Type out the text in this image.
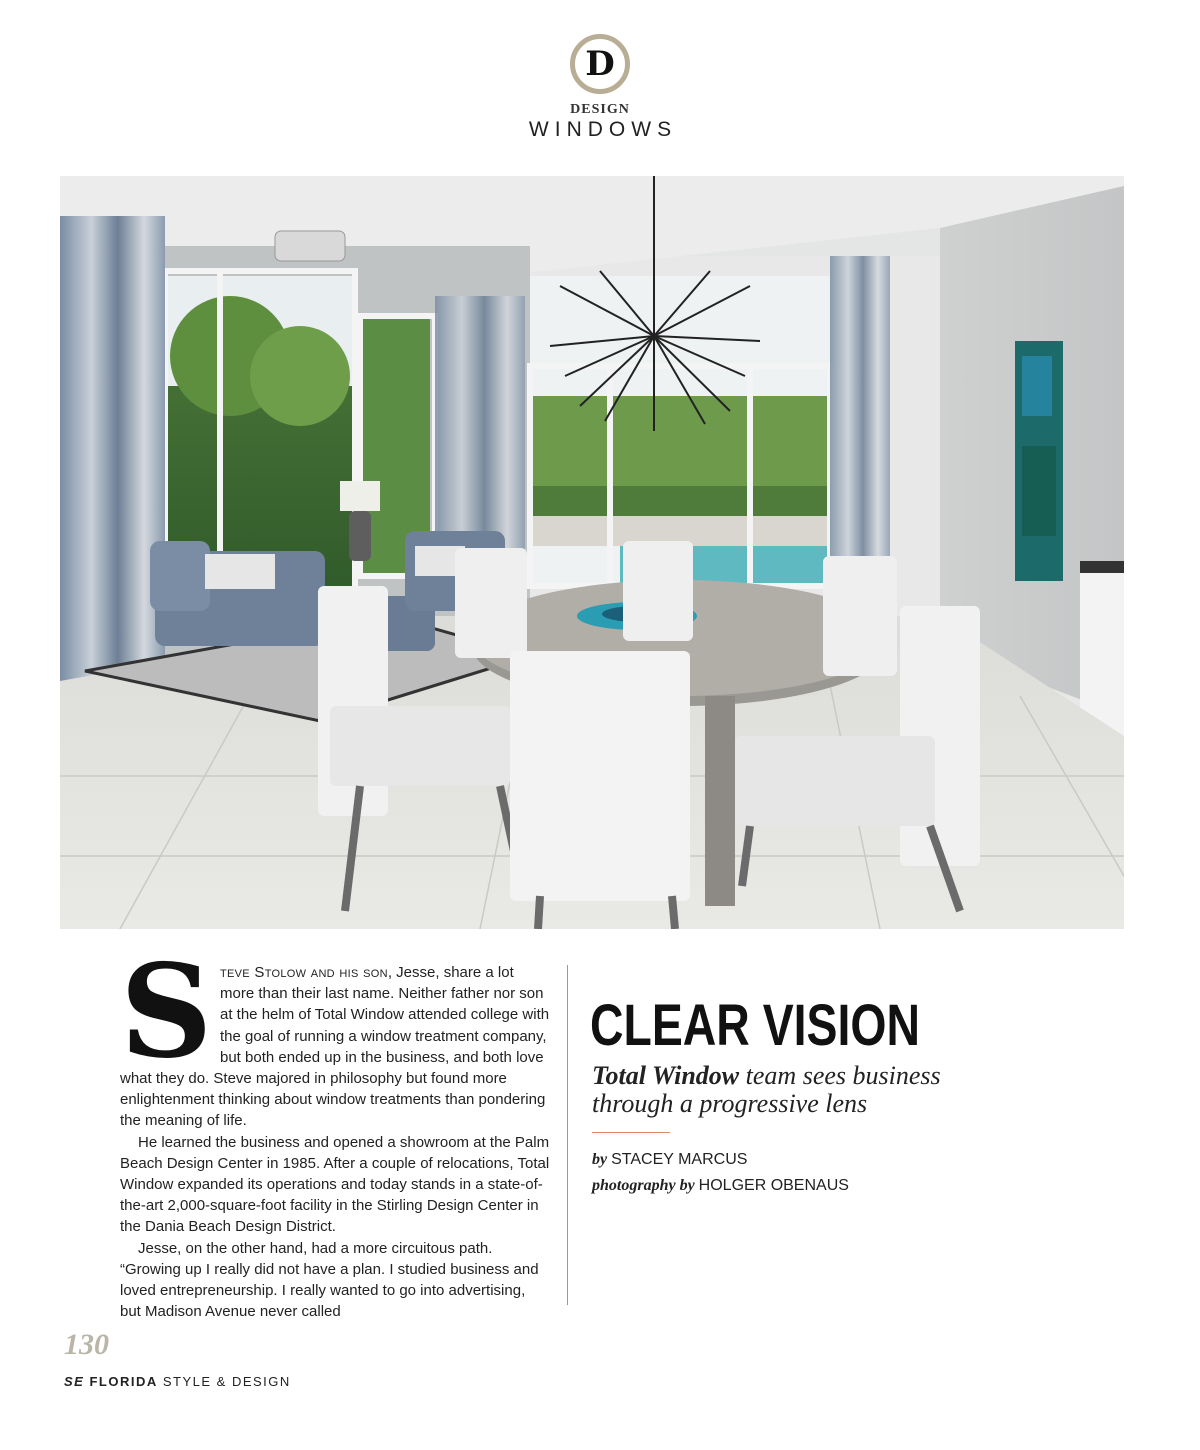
D
DESIGN
WINDOWS
S teve Stolow and his son, Jesse, share a lot more than their last name. Neither father nor son at the helm of Total Window attended college with the goal of running a window treatment company, but both ended up in the business, and both love what they do. Steve majored in philosophy but found more enlightenment thinking about window treatments than pondering the meaning of life.

He learned the business and opened a showroom at the Palm Beach Design Center in 1985. After a couple of relocations, Total Window expanded its operations and today stands in a state-of-the-art 2,000-square-foot facility in the Stirling Design Center in the Dania Beach Design District.

Jesse, on the other hand, had a more circuitous path. “Growing up I really did not have a plan. I studied business and loved entrepreneurship. I really wanted to go into advertising, but Madison Avenue never called

CLEAR VISION
Total Window team sees business through a progressive lens
by STACEY MARCUS
photography by HOLGER OBENAUS
130
SE FLORIDA STYLE & DESIGN
